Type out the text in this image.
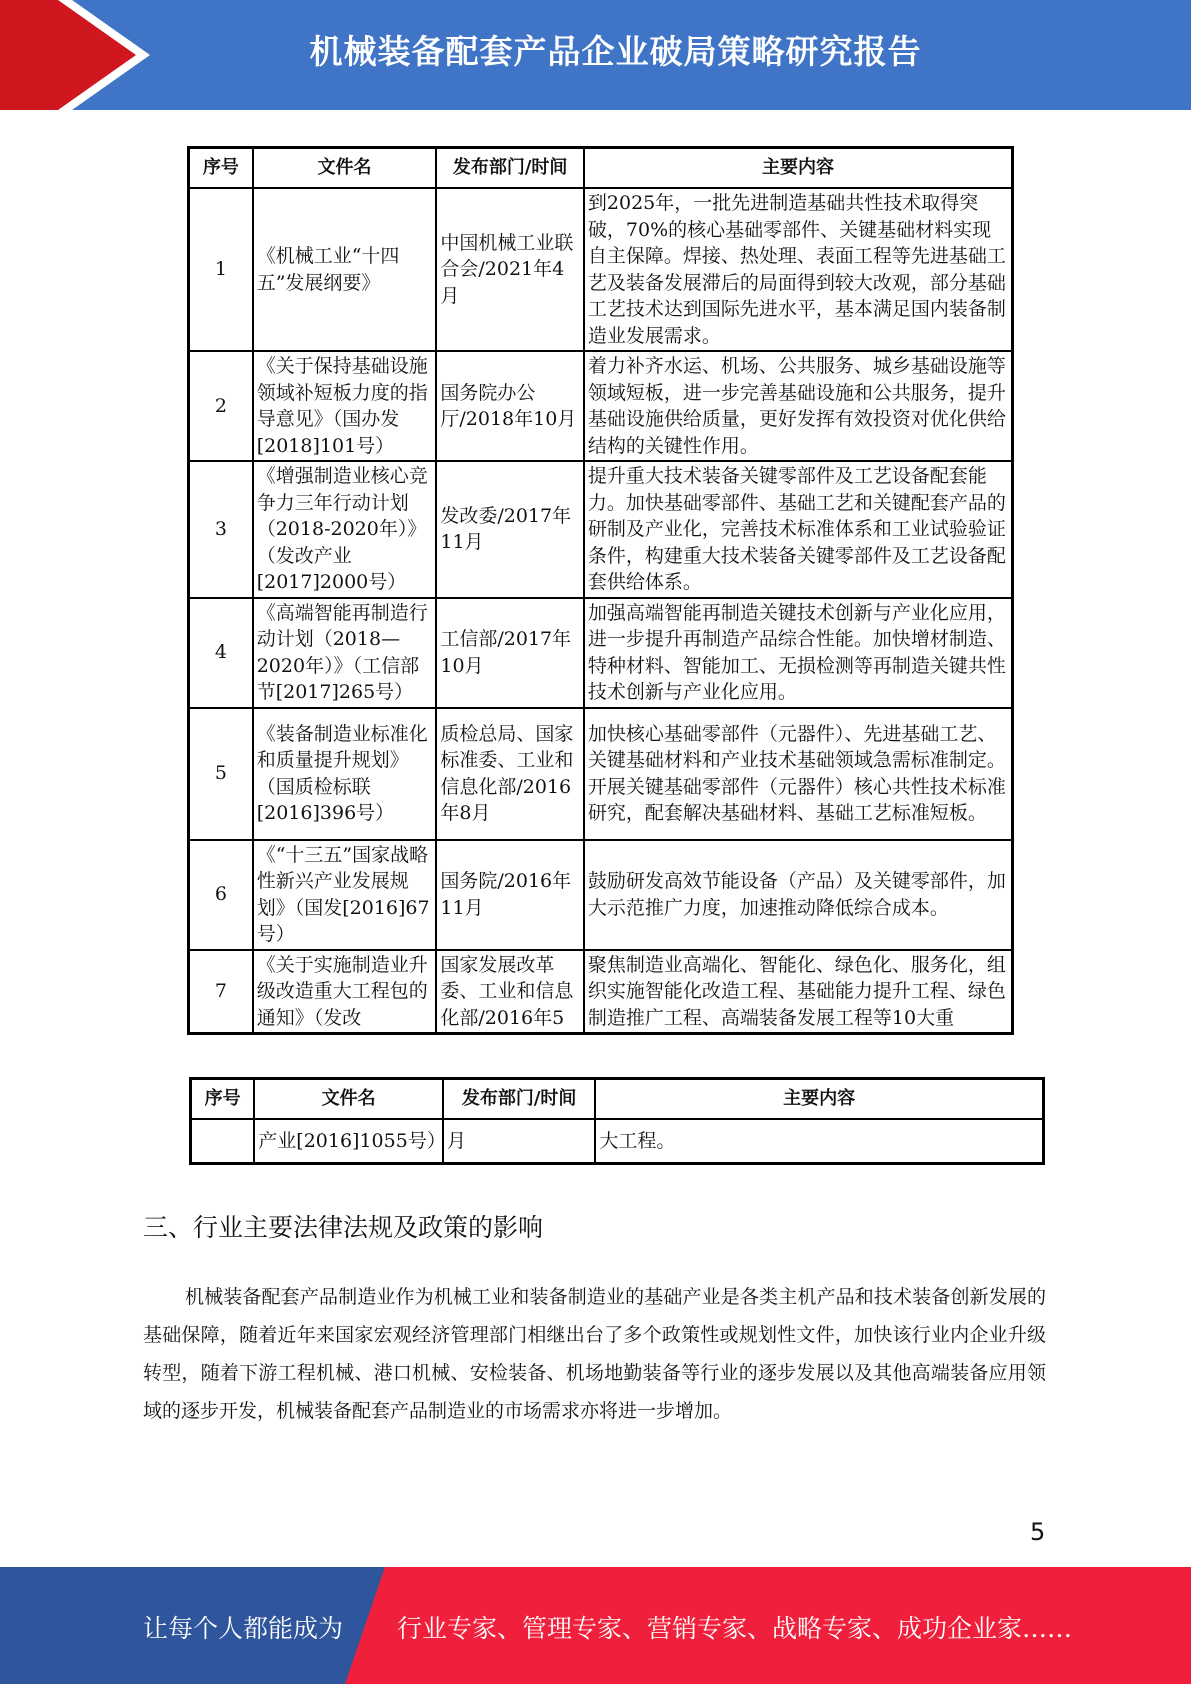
机械装备配套产品企业破局策略研究报告
序号	文件名	发布部门/时间	主要内容
1	《机械工业“十四五”发展纲要》	中国机械工业联合会/2021年4月	到2025年，一批先进制造基础共性技术取得突破，70%的核心基础零部件、关键基础材料实现自主保障。焊接、热处理、表面工程等先进基础工艺及装备发展滞后的局面得到较大改观，部分基础工艺技术达到国际先进水平，基本满足国内装备制造业发展需求。
2	《关于保持基础设施领域补短板力度的指导意见》（国办发[2018]101号）	国务院办公厅/2018年10月	着力补齐水运、机场、公共服务、城乡基础设施等领域短板，进一步完善基础设施和公共服务，提升基础设施供给质量，更好发挥有效投资对优化供给结构的关键性作用。
3	《增强制造业核心竞争力三年行动计划（2018-2020年）》（发改产业[2017]2000号）	发改委/2017年11月	提升重大技术装备关键零部件及工艺设备配套能力。加快基础零部件、基础工艺和关键配套产品的研制及产业化，完善技术标准体系和工业试验验证条件，构建重大技术装备关键零部件及工艺设备配套供给体系。
4	《高端智能再制造行动计划（2018—2020年）》（工信部节[2017]265号）	工信部/2017年10月	加强高端智能再制造关键技术创新与产业化应用，进一步提升再制造产品综合性能。加快增材制造、特种材料、智能加工、无损检测等再制造关键共性技术创新与产业化应用。
5	《装备制造业标准化和质量提升规划》（国质检标联[2016]396号）	质检总局、国家标准委、工业和信息化部/2016年8月	加快核心基础零部件（元器件）、先进基础工艺、关键基础材料和产业技术基础领域急需标准制定。开展关键基础零部件（元器件）核心共性技术标准研究，配套解决基础材料、基础工艺标准短板。
6	《“十三五”国家战略性新兴产业发展规划》（国发[2016]67号）	国务院/2016年11月	鼓励研发高效节能设备（产品）及关键零部件，加大示范推广力度，加速推动降低综合成本。
7	《关于实施制造业升级改造重大工程包的通知》（发改	国家发展改革委、工业和信息化部/2016年5	聚焦制造业高端化、智能化、绿色化、服务化，组织实施智能化改造工程、基础能力提升工程、绿色制造推广工程、高端装备发展工程等10大重
序号	文件名	发布部门/时间	主要内容
	产业[2016]1055号）	月	大工程。
三、行业主要法律法规及政策的影响

机械装备配套产品制造业作为机械工业和装备制造业的基础产业是各类主机产品和技术装备创新发展的基础保障，随着近年来国家宏观经济管理部门相继出台了多个政策性或规划性文件，加快该行业内企业升级转型，随着下游工程机械、港口机械、安检装备、机场地勤装备等行业的逐步发展以及其他高端装备应用领域的逐步开发，机械装备配套产品制造业的市场需求亦将进一步增加。

5
让每个人都能成为 行业专家、管理专家、营销专家、战略专家、成功企业家……
